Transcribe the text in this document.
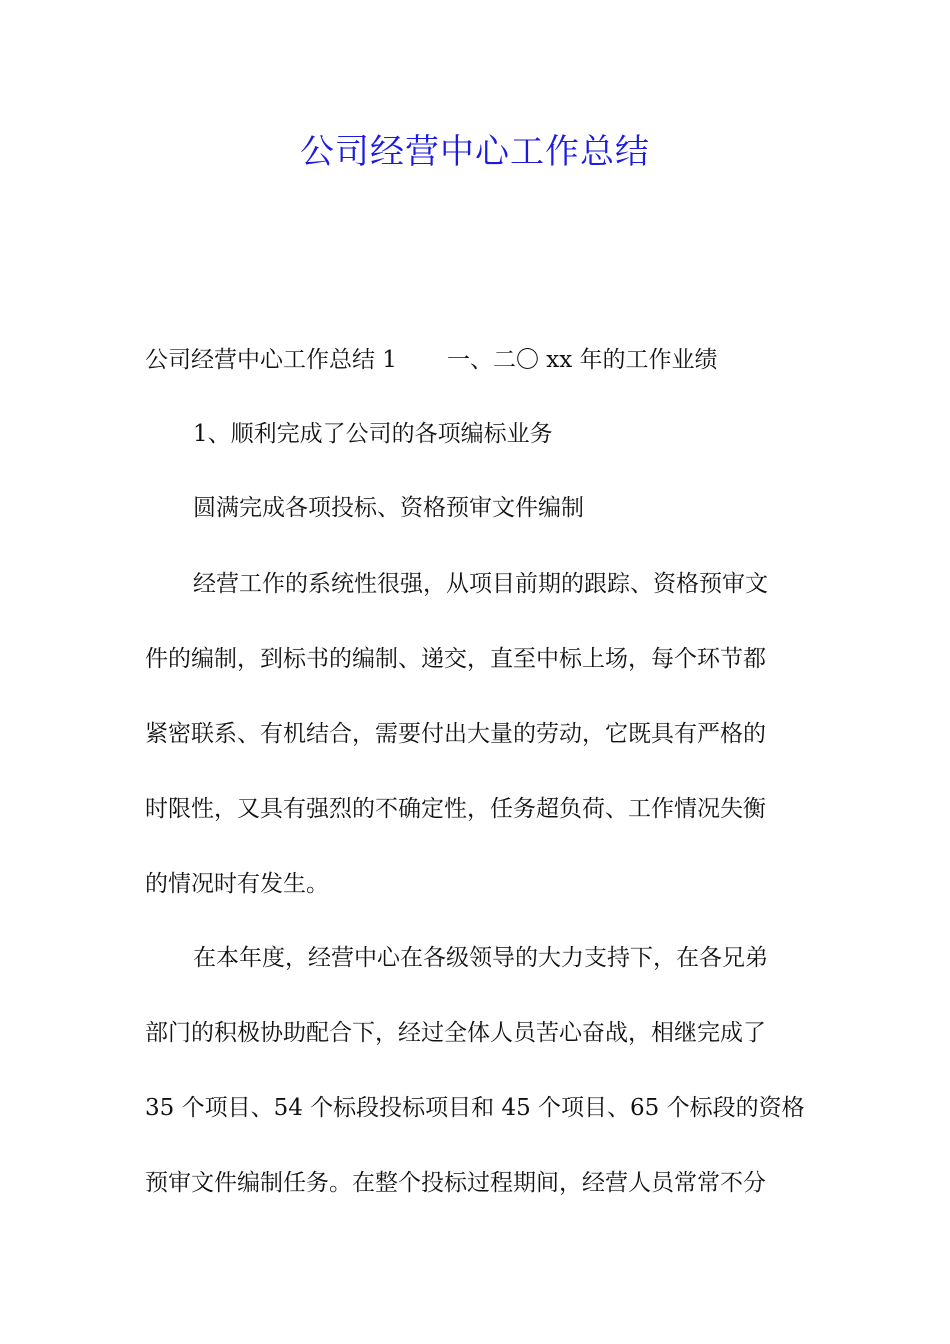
公司经营中心工作总结
公司经营中心工作总结 1 一、二〇 xx 年的工作业绩
1、顺利完成了公司的各项编标业务
圆满完成各项投标、资格预审文件编制
经营工作的系统性很强，从项目前期的跟踪、资格预审文
件的编制，到标书的编制、递交，直至中标上场，每个环节都
紧密联系、有机结合，需要付出大量的劳动，它既具有严格的
时限性，又具有强烈的不确定性，任务超负荷、工作情况失衡
的情况时有发生。
在本年度，经营中心在各级领导的大力支持下，在各兄弟
部门的积极协助配合下，经过全体人员苦心奋战，相继完成了
35 个项目、54 个标段投标项目和 45 个项目、65 个标段的资格
预审文件编制任务。在整个投标过程期间，经营人员常常不分
